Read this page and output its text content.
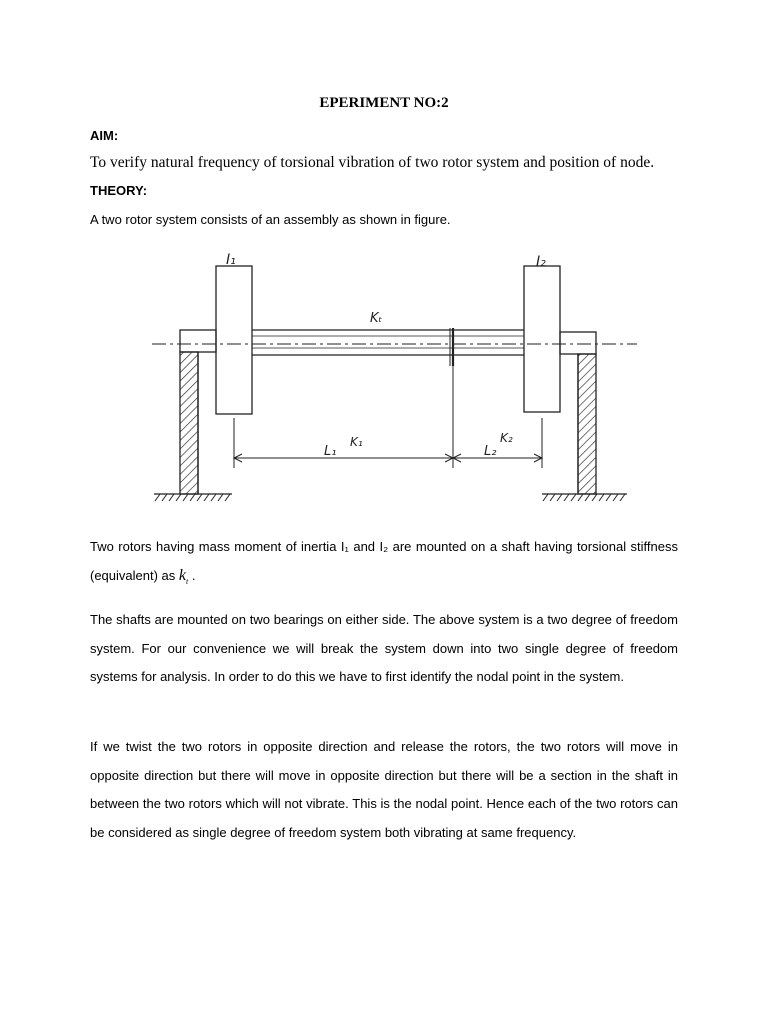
EPERIMENT NO:2
AIM:
To verify natural frequency of torsional vibration of two rotor system and position of node.
THEORY:
A two rotor system consists of an assembly as shown in figure.
I₁	I₂
Kₜ
K₁	K₂
L₁	L₂
Two rotors having mass moment of inertia I₁ and I₂ are mounted on a shaft having torsional stiffness (equivalent) as $k_t$ .
The shafts are mounted on two bearings on either side. The above system is a two degree of freedom system. For our convenience we will break the system down into two single degree of freedom systems for analysis. In order to do this we have to first identify the nodal point in the system.
If we twist the two rotors in opposite direction and release the rotors, the two rotors will move in opposite direction but there will move in opposite direction but there will be a section in the shaft in between the two rotors which will not vibrate. This is the nodal point. Hence each of the two rotors can be considered as single degree of freedom system both vibrating at same frequency.
